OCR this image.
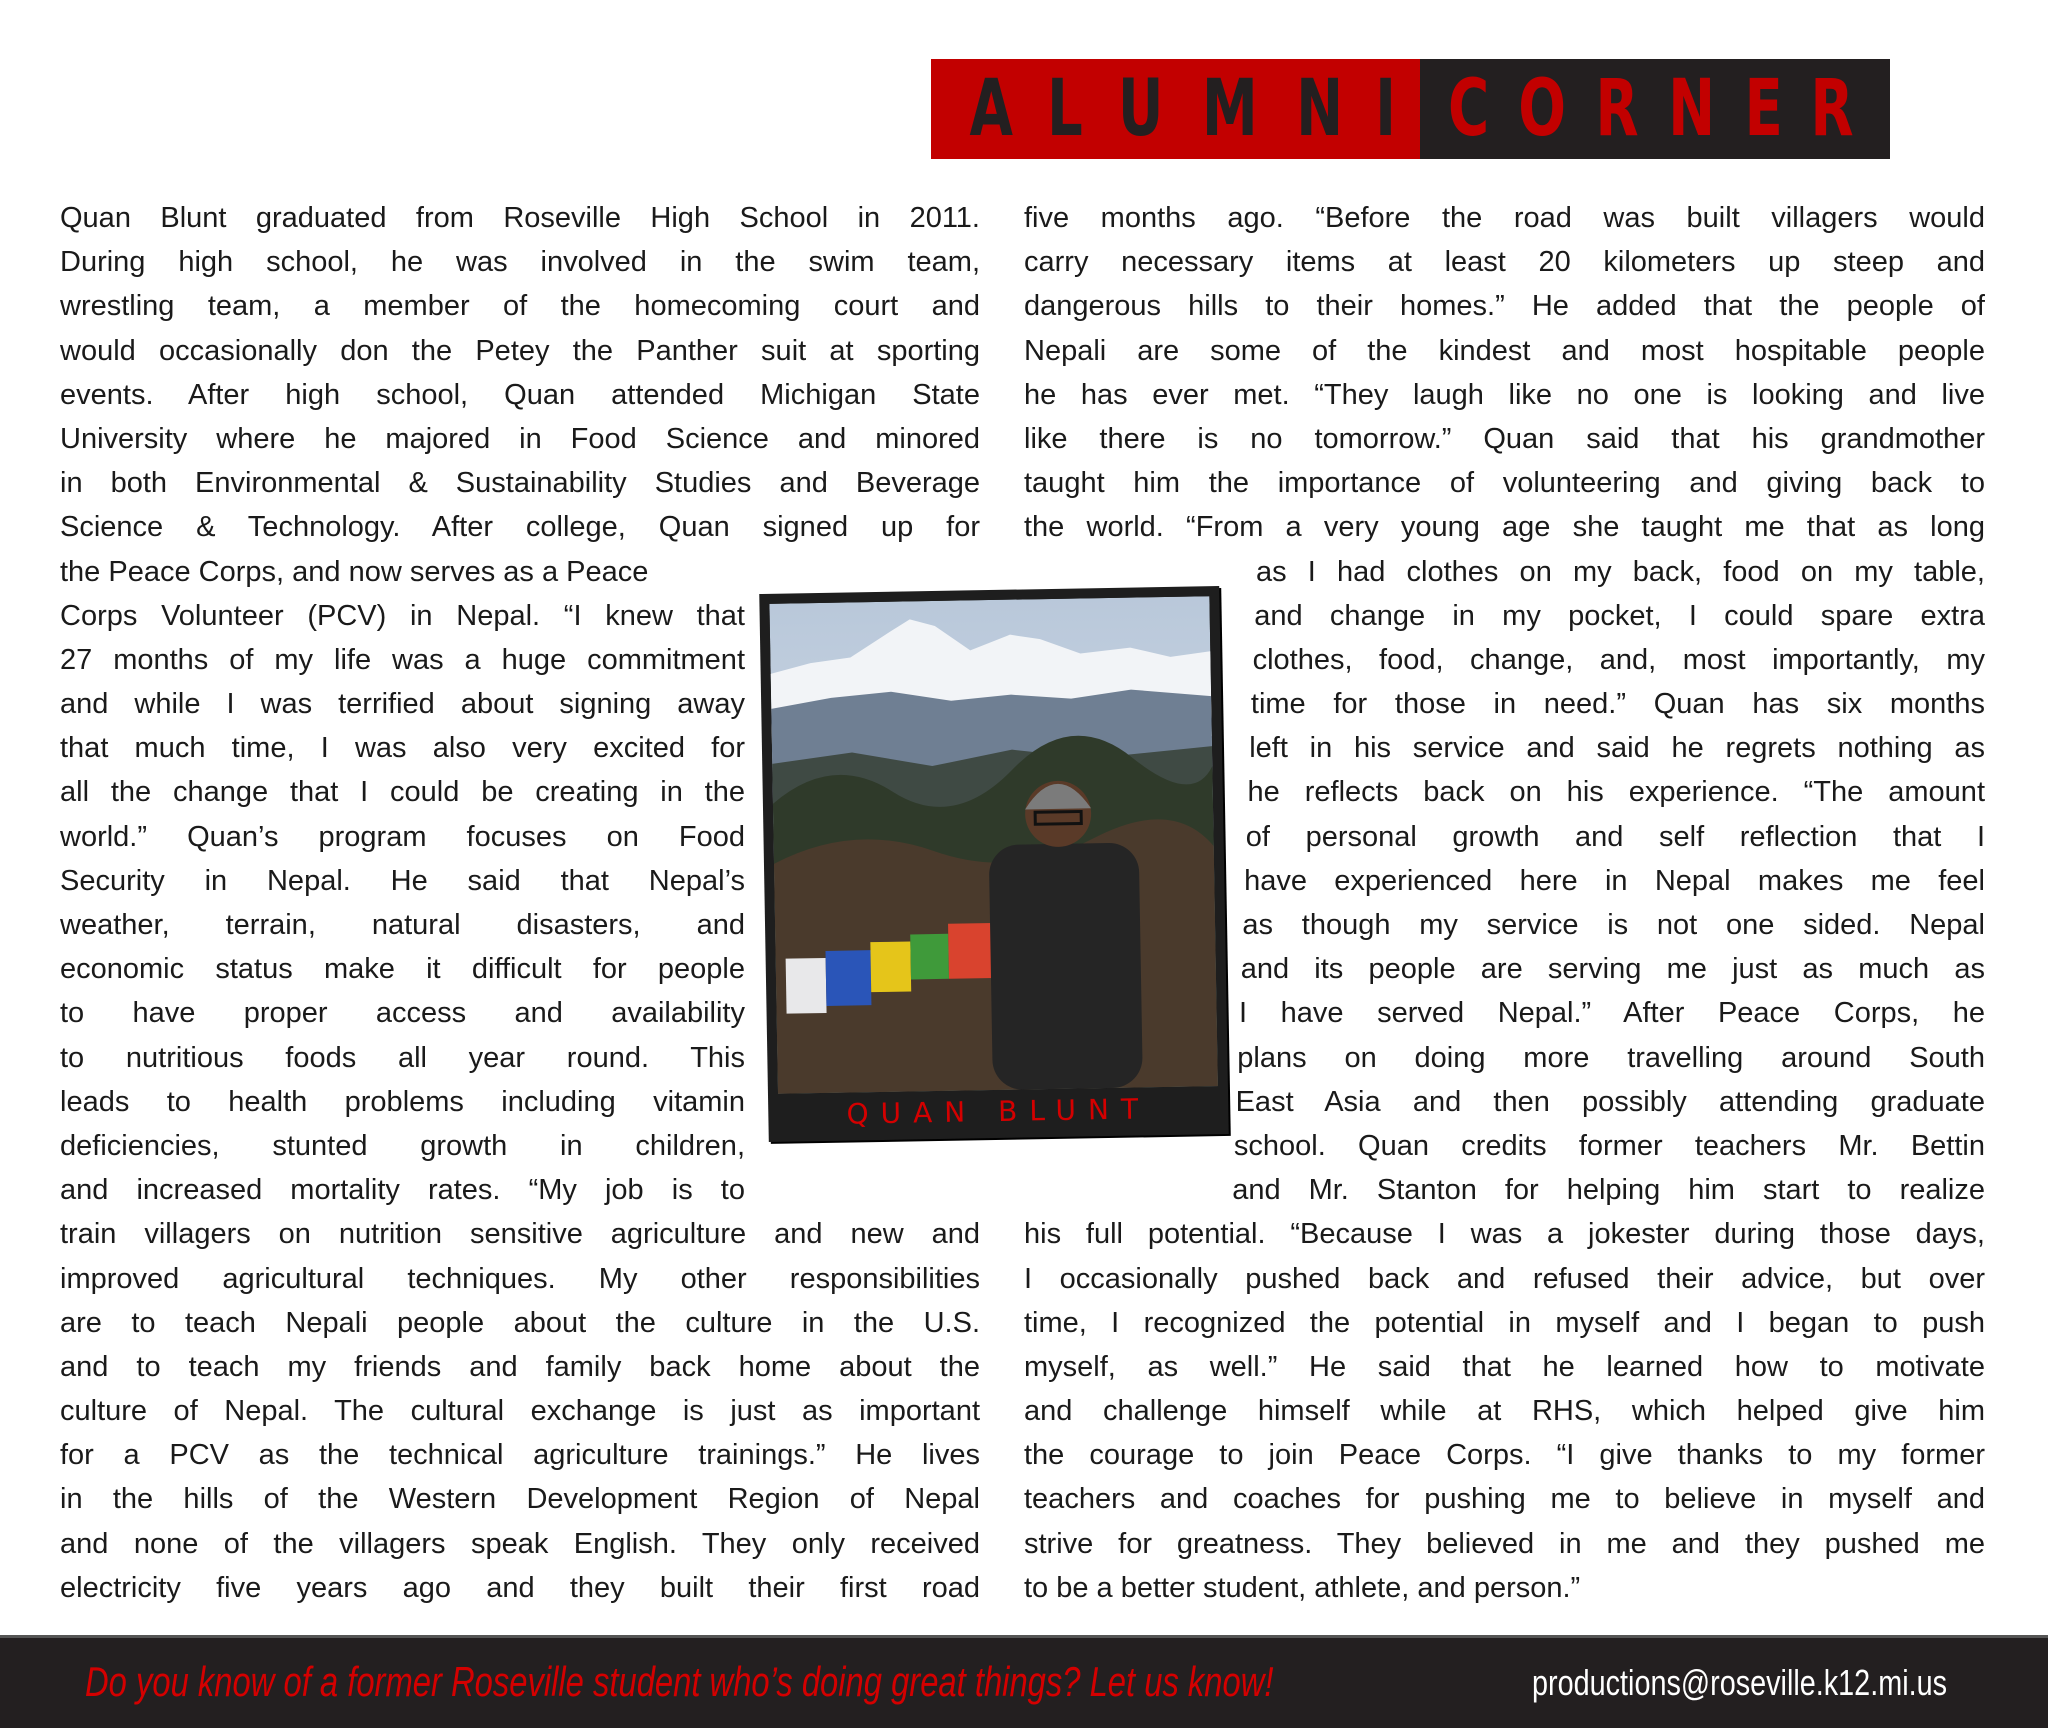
A L U M N I C O R N E R
Quan Blunt graduated from Roseville High School in 2011.
During high school, he was involved in the swim team,
wrestling team, a member of the homecoming court and
would occasionally don the Petey the Panther suit at sporting
events. After high school, Quan attended Michigan State
University where he majored in Food Science and minored
in both Environmental & Sustainability Studies and Beverage
Science & Technology. After college, Quan signed up for
the Peace Corps, and now serves as a Peace
Corps Volunteer (PCV) in Nepal. “I knew that
27 months of my life was a huge commitment
and while I was terrified about signing away
that much time, I was also very excited for
all the change that I could be creating in the
world.” Quan’s program focuses on Food
Security in Nepal. He said that Nepal’s
weather, terrain, natural disasters, and
economic status make it difficult for people
to have proper access and availability
to nutritious foods all year round. This
leads to health problems including vitamin
deficiencies, stunted growth in children,
and increased mortality rates. “My job is to
train villagers on nutrition sensitive agriculture and new and
improved agricultural techniques. My other responsibilities
are to teach Nepali people about the culture in the U.S.
and to teach my friends and family back home about the
culture of Nepal. The cultural exchange is just as important
for a PCV as the technical agriculture trainings.” He lives
in the hills of the Western Development Region of Nepal
and none of the villagers speak English. They only received
electricity five years ago and they built their first road
five months ago. “Before the road was built villagers would
carry necessary items at least 20 kilometers up steep and
dangerous hills to their homes.” He added that the people of
Nepali are some of the kindest and most hospitable people
he has ever met. “They laugh like no one is looking and live
like there is no tomorrow.” Quan said that his grandmother
taught him the importance of volunteering and giving back to
the world. “From a very young age she taught me that as long
as I had clothes on my back, food on my table,
and change in my pocket, I could spare extra
clothes, food, change, and, most importantly, my
time for those in need.” Quan has six months
left in his service and said he regrets nothing as
he reflects back on his experience. “The amount
of personal growth and self reflection that I
have experienced here in Nepal makes me feel
as though my service is not one sided. Nepal
and its people are serving me just as much as
I have served Nepal.” After Peace Corps, he
plans on doing more travelling around South
East Asia and then possibly attending graduate
school. Quan credits former teachers Mr. Bettin
and Mr. Stanton for helping him start to realize
his full potential. “Because I was a jokester during those days,
I occasionally pushed back and refused their advice, but over
time, I recognized the potential in myself and I began to push
myself, as well.” He said that he learned how to motivate
and challenge himself while at RHS, which helped give him
the courage to join Peace Corps. “I give thanks to my former
teachers and coaches for pushing me to believe in myself and
strive for greatness. They believed in me and they pushed me
to be a better student, athlete, and person.”
QUAN BLUNT
Do you know of a former Roseville student who’s doing great things? Let us know!	productions@roseville.k12.mi.us
